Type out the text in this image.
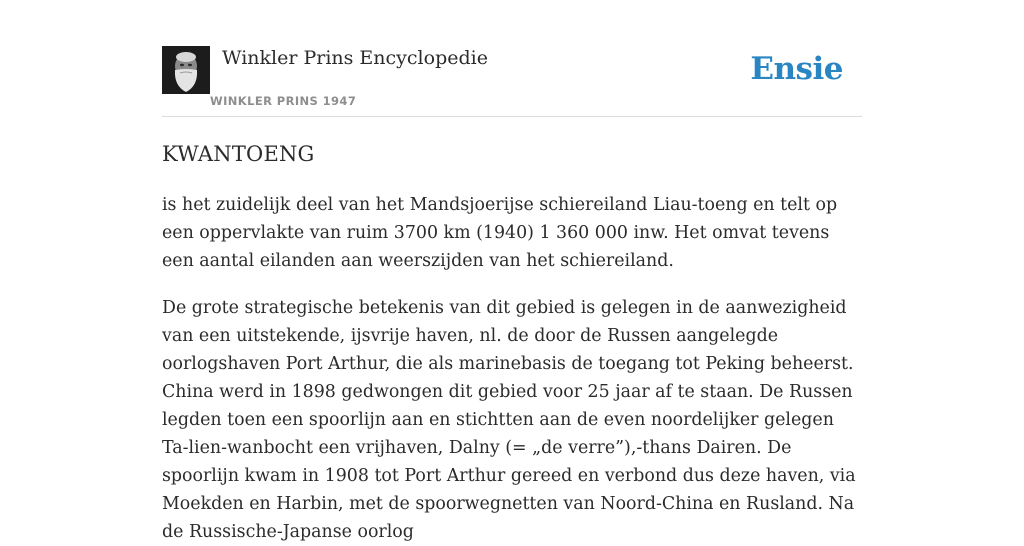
Winkler Prins Encyclopedie
WINKLER PRINS 1947
Ensie
KWANTOENG

is het zuidelijk deel van het Mandsjoerijse schiereiland Liau-toeng en telt op een oppervlakte van ruim 3700 km (1940) 1 360 000 inw. Het omvat tevens een aantal eilanden aan weerszijden van het schiereiland.

De grote strategische betekenis van dit gebied is gelegen in de aanwezigheid van een uitstekende, ijsvrije haven, nl. de door de Russen aangelegde oorlogshaven Port Arthur, die als marinebasis de toegang tot Peking beheerst. China werd in 1898 gedwongen dit gebied voor 25 jaar af te staan. De Russen legden toen een spoorlijn aan en stichtten aan de even noordelijker gelegen Ta-lien-wanbocht een vrijhaven, Dalny (= „de verre”),-thans Dairen. De spoorlijn kwam in 1908 tot Port Arthur gereed en verbond dus deze haven, via Moekden en Harbin, met de spoorwegnetten van Noord-China en Rusland. Na de Russische-Japanse oorlog
